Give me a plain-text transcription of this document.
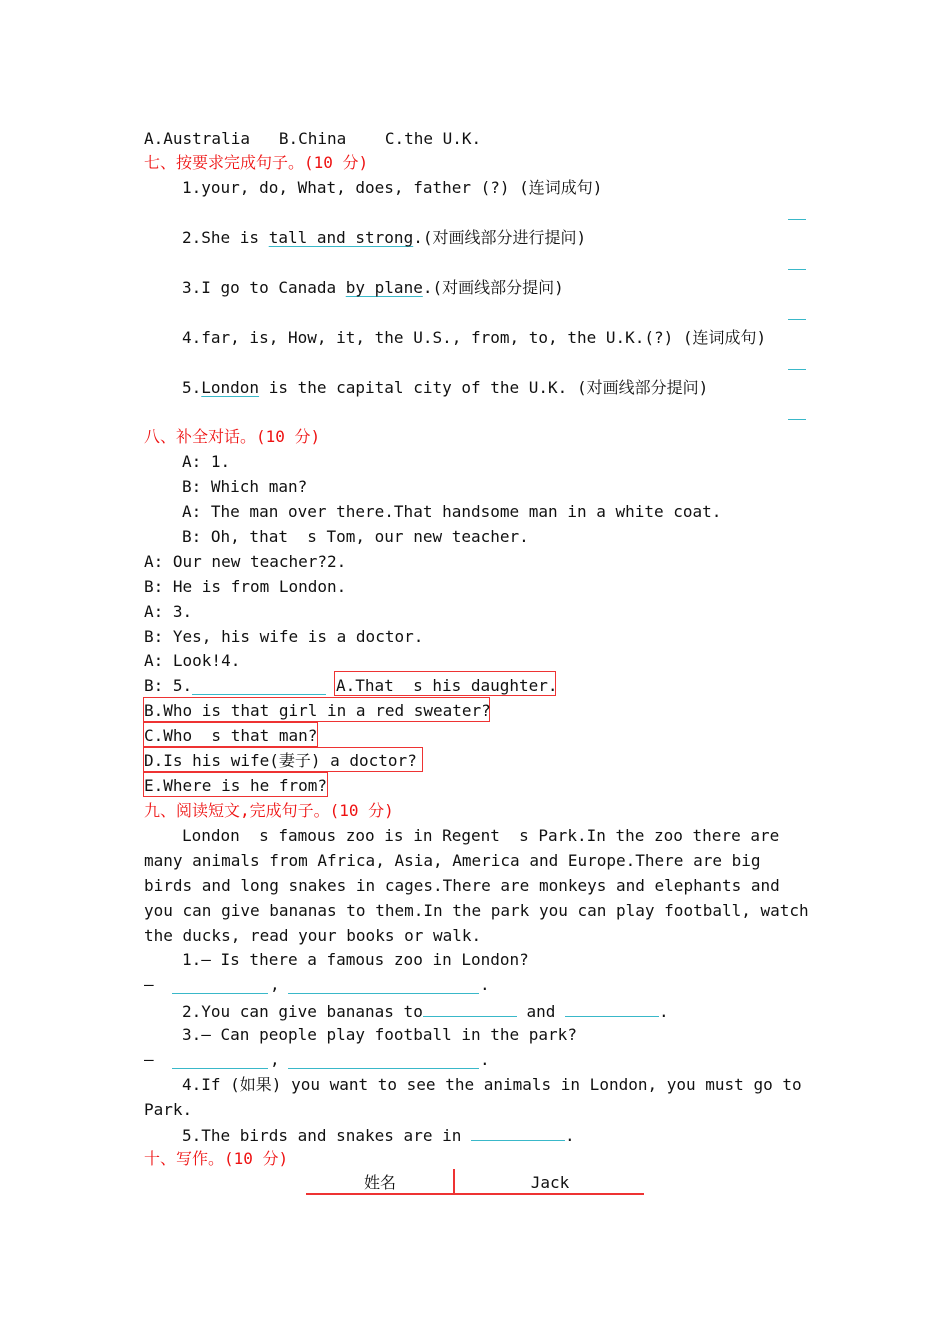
A.Australia   B.China    C.the U.K.
七、按要求完成句子。(10 分)
1.your, do, What, does, father (?) (连词成句)
2.She is tall and strong.(对画线部分进行提问)
3.I go to Canada by plane.(对画线部分提问)
4.far, is, How, it, the U.S., from, to, the U.K.(?) (连词成句)
5.London is the capital city of the U.K. (对画线部分提问)
八、补全对话。(10 分)
A: 1.
B: Which man?
A: The man over there.That handsome man in a white coat.
B: Oh, that  s Tom, our new teacher.
A: Our new teacher?2.
B: He is from London.
A: 3.
B: Yes, his wife is a doctor.
A: Look!4.
B: 5.	A.That  s his daughter.
B.Who is that girl in a red sweater?
C.Who  s that man?
D.Is his wife(妻子) a doctor?
E.Where is he from?
九、阅读短文,完成句子。(10 分)
London  s famous zoo is in Regent  s Park.In the zoo there are
many animals from Africa, Asia, America and Europe.There are big
birds and long snakes in cages.There are monkeys and elephants and
you can give bananas to them.In the park you can play football, watch
the ducks, read your books or walk.
1.— Is there a famous zoo in London?
—	,	.
2.You can give bananas to	and	.
3.— Can people play football in the park?
—	,	.
4.If (如果) you want to see the animals in London, you must go to
Park.
5.The birds and snakes are in	.
十、写作。(10 分)
姓名	Jack
